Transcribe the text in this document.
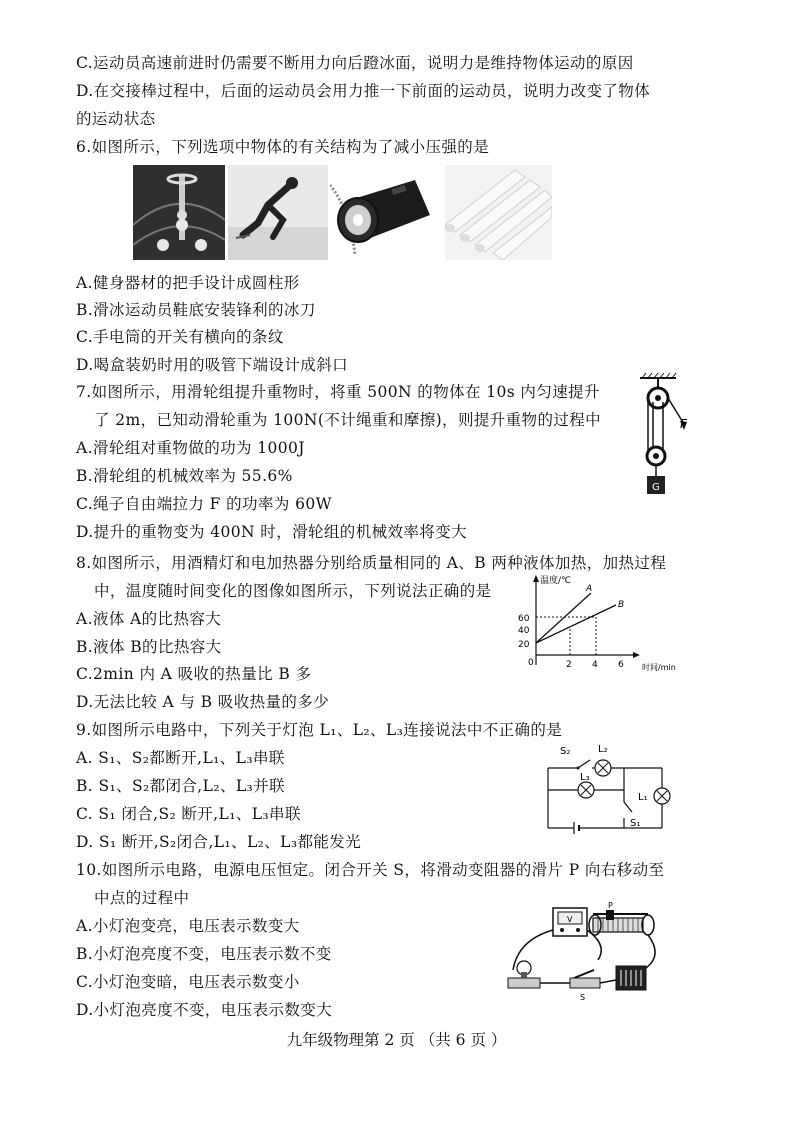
C.运动员高速前进时仍需要不断用力向后蹬冰面，说明力是维持物体运动的原因
D.在交接棒过程中，后面的运动员会用力推一下前面的运动员，说明力改变了物体
的运动状态
6.如图所示，下列选项中物体的有关结构为了减小压强的是
A.健身器材的把手设计成圆柱形
B.滑冰运动员鞋底安装锋利的冰刀
C.手电筒的开关有横向的条纹
D.喝盒装奶时用的吸管下端设计成斜口
7.如图所示，用滑轮组提升重物时，将重 500N 的物体在 10s 内匀速提升
了 2m，已知动滑轮重为 100N(不计绳重和摩擦)，则提升重物的过程中
A.滑轮组对重物做的功为 1000J
B.滑轮组的机械效率为 55.6%
C.绳子自由端拉力 F 的功率为 60W
D.提升的重物变为 400N 时，滑轮组的机械效率将变大
F
G
8.如图所示，用酒精灯和电加热器分别给质量相同的 A、B 两种液体加热，加热过程
中，温度随时间变化的图像如图所示，下列说法正确的是
A.液体 A的比热容大
B.液体 B的比热容大
C.2min 内 A 吸收的热量比 B 多
D.无法比较 A 与 B 吸收热量的多少
温度/℃
时间/min
60
40
20
0	2 4 6
A
B
9.如图所示电路中，下列关于灯泡 L₁、L₂、L₃连接说法中不正确的是
A. S₁、S₂都断开,L₁、L₃串联
B. S₁、S₂都闭合,L₂、L₃并联
C. S₁ 闭合,S₂ 断开,L₁、L₃串联
D. S₁ 断开,S₂闭合,L₁、L₂、L₃都能发光
S₂	L₂
L₃
S₁
L₁
10.如图所示电路，电源电压恒定。闭合开关 S，将滑动变阻器的滑片 P 向右移动至
中点的过程中
A.小灯泡变亮，电压表示数变大
B.小灯泡亮度不变，电压表示数不变
C.小灯泡变暗，电压表示数变小
D.小灯泡亮度不变，电压表示数变大
V
P
S
九年级物理第 2 页 （共 6 页 ）
